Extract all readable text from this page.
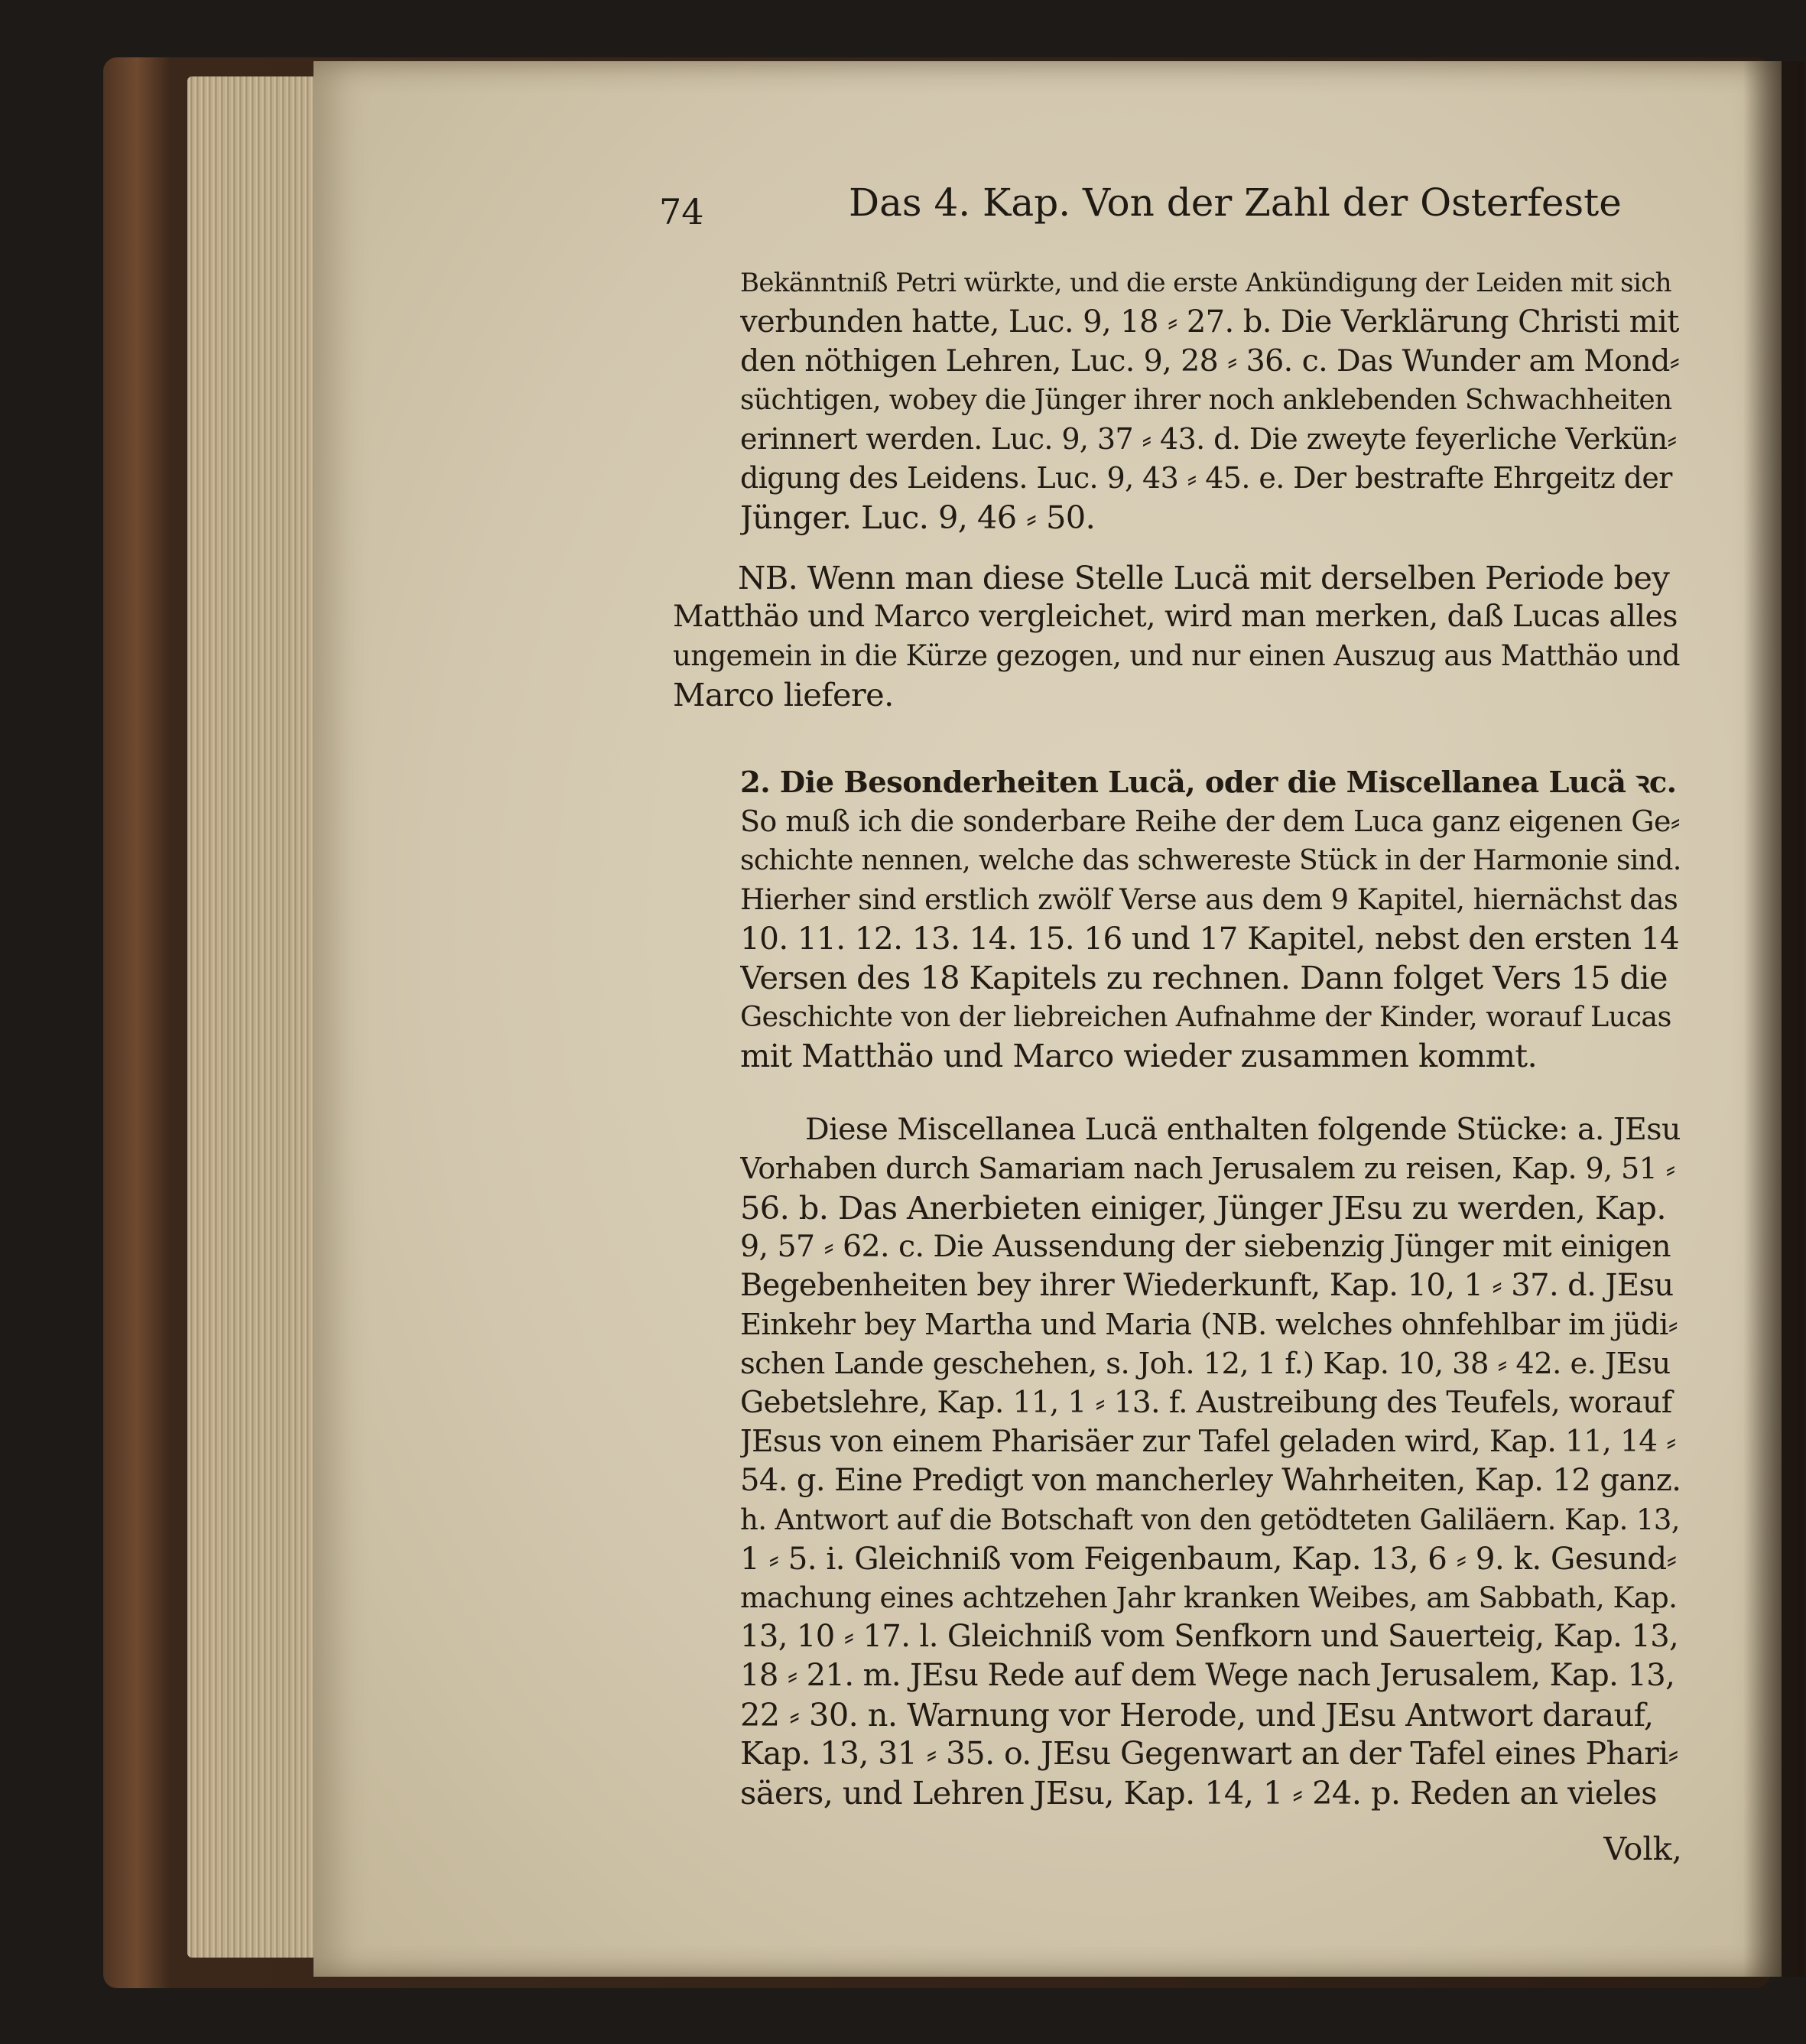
74	Das 4. Kap. Von der Zahl der Osterfeste
Bekänntniß Petri würkte, und die erste Ankündigung der Leiden mit sich
verbunden hatte, Luc. 9, 18 ⸗ 27. b. Die Verklärung Christi mit
den nöthigen Lehren, Luc. 9, 28 ⸗ 36. c. Das Wunder am Mond⸗
süchtigen, wobey die Jünger ihrer noch anklebenden Schwachheiten
erinnert werden. Luc. 9, 37 ⸗ 43. d. Die zweyte feyerliche Verkün⸗
digung des Leidens. Luc. 9, 43 ⸗ 45. e. Der bestrafte Ehrgeitz der
Jünger. Luc. 9, 46 ⸗ 50.
NB. Wenn man diese Stelle Lucä mit derselben Periode bey
Matthäo und Marco vergleichet, wird man merken, daß Lucas alles
ungemein in die Kürze gezogen, und nur einen Auszug aus Matthäo und
Marco liefere.
2. Die Besonderheiten Lucä, oder die Miscellanea Lucä ꝛc.
So muß ich die sonderbare Reihe der dem Luca ganz eigenen Ge⸗
schichte nennen, welche das schwereste Stück in der Harmonie sind.
Hierher sind erstlich zwölf Verse aus dem 9 Kapitel, hiernächst das
10. 11. 12. 13. 14. 15. 16 und 17 Kapitel, nebst den ersten 14
Versen des 18 Kapitels zu rechnen. Dann folget Vers 15 die
Geschichte von der liebreichen Aufnahme der Kinder, worauf Lucas
mit Matthäo und Marco wieder zusammen kommt.
Diese Miscellanea Lucä enthalten folgende Stücke: a. JEsu
Vorhaben durch Samariam nach Jerusalem zu reisen, Kap. 9, 51 ⸗
56. b. Das Anerbieten einiger, Jünger JEsu zu werden, Kap.
9, 57 ⸗ 62. c. Die Aussendung der siebenzig Jünger mit einigen
Begebenheiten bey ihrer Wiederkunft, Kap. 10, 1 ⸗ 37. d. JEsu
Einkehr bey Martha und Maria (NB. welches ohnfehlbar im jüdi⸗
schen Lande geschehen, s. Joh. 12, 1 f.) Kap. 10, 38 ⸗ 42. e. JEsu
Gebetslehre, Kap. 11, 1 ⸗ 13. f. Austreibung des Teufels, worauf
JEsus von einem Pharisäer zur Tafel geladen wird, Kap. 11, 14 ⸗
54. g. Eine Predigt von mancherley Wahrheiten, Kap. 12 ganz.
h. Antwort auf die Botschaft von den getödteten Galiläern. Kap. 13,
1 ⸗ 5. i. Gleichniß vom Feigenbaum, Kap. 13, 6 ⸗ 9. k. Gesund⸗
machung eines achtzehen Jahr kranken Weibes, am Sabbath, Kap.
13, 10 ⸗ 17. l. Gleichniß vom Senfkorn und Sauerteig, Kap. 13,
18 ⸗ 21. m. JEsu Rede auf dem Wege nach Jerusalem, Kap. 13,
22 ⸗ 30. n. Warnung vor Herode, und JEsu Antwort darauf,
Kap. 13, 31 ⸗ 35. o. JEsu Gegenwart an der Tafel eines Phari⸗
säers, und Lehren JEsu, Kap. 14, 1 ⸗ 24. p. Reden an vieles
Volk,
